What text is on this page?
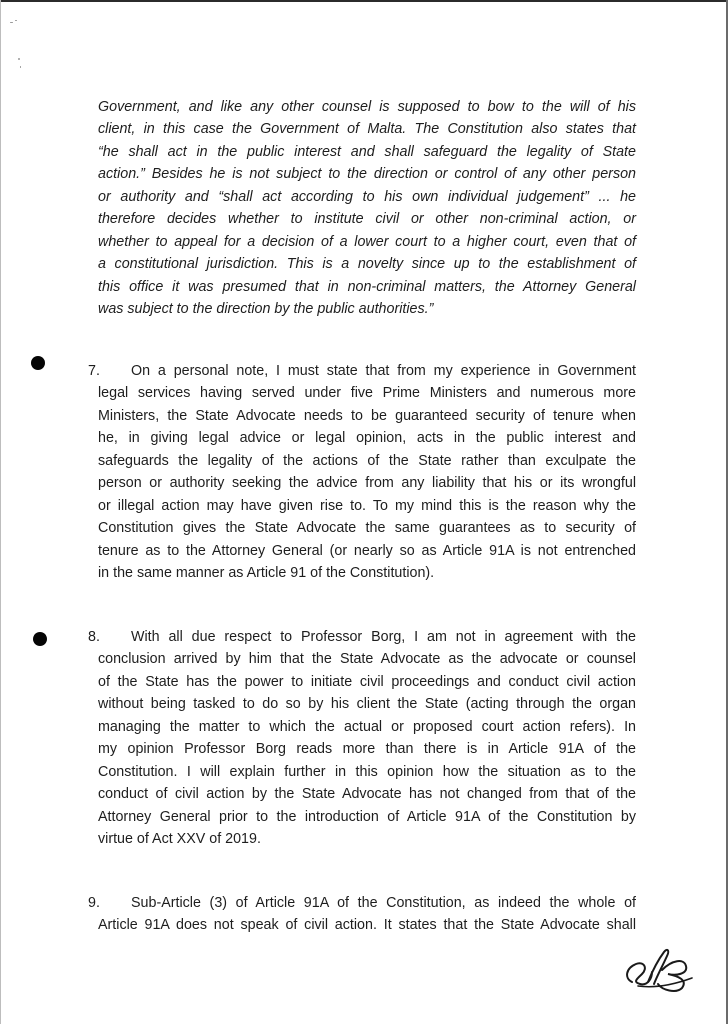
Government, and like any other counsel is supposed to bow to the will of his
client, in this case the Government of Malta. The Constitution also states that
“he shall act in the public interest and shall safeguard the legality of State
action.” Besides he is not subject to the direction or control of any other person
or authority and “shall act according to his own individual judgement” ... he
therefore decides whether to institute civil or other non-criminal action, or
whether to appeal for a decision of a lower court to a higher court, even that of
a constitutional jurisdiction. This is a novelty since up to the establishment of
this office it was presumed that in non-criminal matters, the Attorney General
was subject to the direction by the public authorities.”
7. On a personal note, I must state that from my experience in Government
legal services having served under five Prime Ministers and numerous more
Ministers, the State Advocate needs to be guaranteed security of tenure when
he, in giving legal advice or legal opinion, acts in the public interest and
safeguards the legality of the actions of the State rather than exculpate the
person or authority seeking the advice from any liability that his or its wrongful
or illegal action may have given rise to. To my mind this is the reason why the
Constitution gives the State Advocate the same guarantees as to security of
tenure as to the Attorney General (or nearly so as Article 91A is not entrenched
in the same manner as Article 91 of the Constitution).
8. With all due respect to Professor Borg, I am not in agreement with the
conclusion arrived by him that the State Advocate as the advocate or counsel
of the State has the power to initiate civil proceedings and conduct civil action
without being tasked to do so by his client the State (acting through the organ
managing the matter to which the actual or proposed court action refers). In
my opinion Professor Borg reads more than there is in Article 91A of the
Constitution. I will explain further in this opinion how the situation as to the
conduct of civil action by the State Advocate has not changed from that of the
Attorney General prior to the introduction of Article 91A of the Constitution by
virtue of Act XXV of 2019.
9. Sub-Article (3) of Article 91A of the Constitution, as indeed the whole of
Article 91A does not speak of civil action. It states that the State Advocate shall
